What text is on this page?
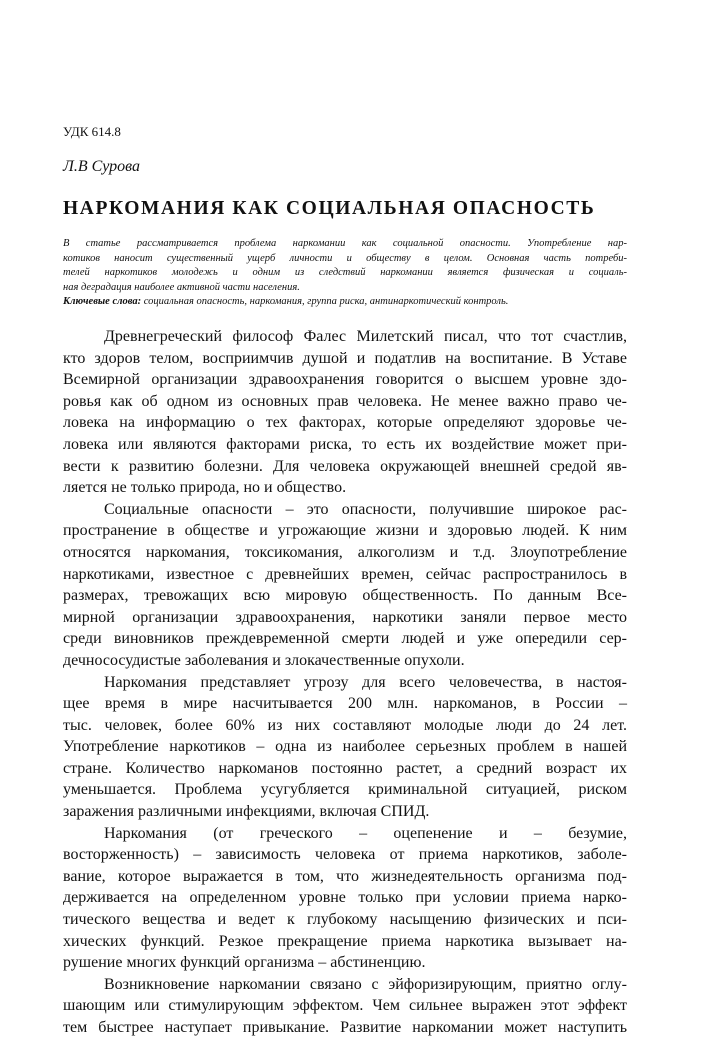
УДК 614.8
Л.В Сурова
НАРКОМАНИЯ КАК СОЦИАЛЬНАЯ ОПАСНОСТЬ
В статье рассматривается проблема наркомании как социальной опасности. Употребление нар-
котиков наносит существенный ущерб личности и обществу в целом. Основная часть потреби-
телей наркотиков молодежь и одним из следствий наркомании является физическая и социаль-
ная деградация наиболее активной части населения.
Ключевые слова: социальная опасность, наркомания, группа риска, антинаркотический контроль.
Древнегреческий философ Фалес Милетский писал, что тот счастлив,
кто здоров телом, восприимчив душой и податлив на воспитание. В Уставе
Всемирной организации здравоохранения говорится о высшем уровне здо-
ровья как об одном из основных прав человека. Не менее важно право че-
ловека на информацию о тех факторах, которые определяют здоровье че-
ловека или являются факторами риска, то есть их воздействие может при-
вести к развитию болезни. Для человека окружающей внешней средой яв-
ляется не только природа, но и общество.
Социальные опасности – это опасности, получившие широкое рас-
пространение в обществе и угрожающие жизни и здоровью людей. К ним
относятся наркомания, токсикомания, алкоголизм и т.д. Злоупотребление
наркотиками, известное с древнейших времен, сейчас распространилось в
размерах, тревожащих всю мировую общественность. По данным Все-
мирной организации здравоохранения, наркотики заняли первое место
среди виновников преждевременной смерти людей и уже опередили сер-
дечнососудистые заболевания и злокачественные опухоли.
Наркомания представляет угрозу для всего человечества, в настоя-
щее время в мире насчитывается 200 млн. наркоманов, в России –
тыс. человек, более 60% из них составляют молодые люди до 24 лет.
Употребление наркотиков – одна из наиболее серьезных проблем в нашей
стране. Количество наркоманов постоянно растет, а средний возраст их
уменьшается. Проблема усугубляется криминальной ситуацией, риском
заражения различными инфекциями, включая СПИД.
Наркомания (от греческого – оцепенение и – безумие,
восторженность) – зависимость человека от приема наркотиков, заболе-
вание, которое выражается в том, что жизнедеятельность организма под-
держивается на определенном уровне только при условии приема нарко-
тического вещества и ведет к глубокому насыщению физических и пси-
хических функций. Резкое прекращение приема наркотика вызывает на-
рушение многих функций организма – абстиненцию.
Возникновение наркомании связано с эйфоризирующим, приятно оглу-
шающим или стимулирующим эффектом. Чем сильнее выражен этот эффект
тем быстрее наступает привыкание. Развитие наркомании может наступить
